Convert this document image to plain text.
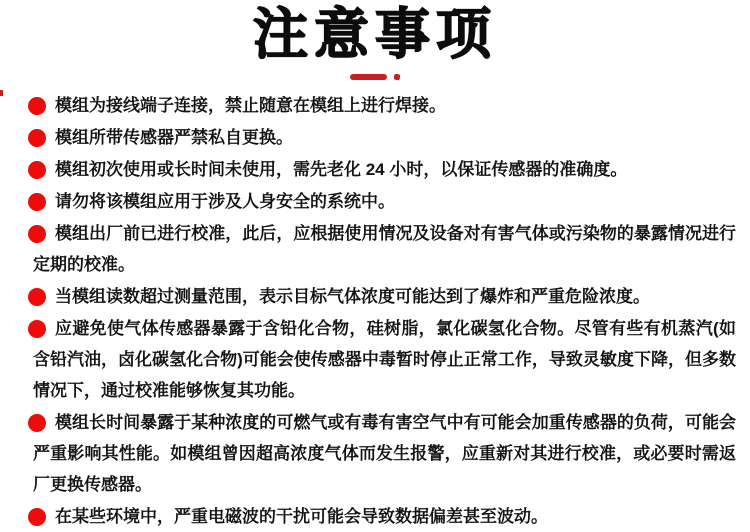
注意事项
模组为接线端子连接，禁止随意在模组上进行焊接。
模组所带传感器严禁私自更换。
模组初次使用或长时间未使用，需先老化 24 小时，以保证传感器的准确度。
请勿将该模组应用于涉及人身安全的系统中。
模组出厂前已进行校准，此后，应根据使用情况及设备对有害气体或污染物的暴露情况进行定期的校准。
当模组读数超过测量范围，表示目标气体浓度可能达到了爆炸和严重危险浓度。
应避免使气体传感器暴露于含铅化合物，硅树脂，氯化碳氢化合物。尽管有些有机蒸汽(如含铅汽油，卤化碳氢化合物)可能会使传感器中毒暂时停止正常工作，导致灵敏度下降，但多数情况下，通过校准能够恢复其功能。
模组长时间暴露于某种浓度的可燃气或有毒有害空气中有可能会加重传感器的负荷，可能会严重影响其性能。如模组曾因超高浓度气体而发生报警，应重新对其进行校准，或必要时需返厂更换传感器。
在某些环境中，严重电磁波的干扰可能会导致数据偏差甚至波动。
